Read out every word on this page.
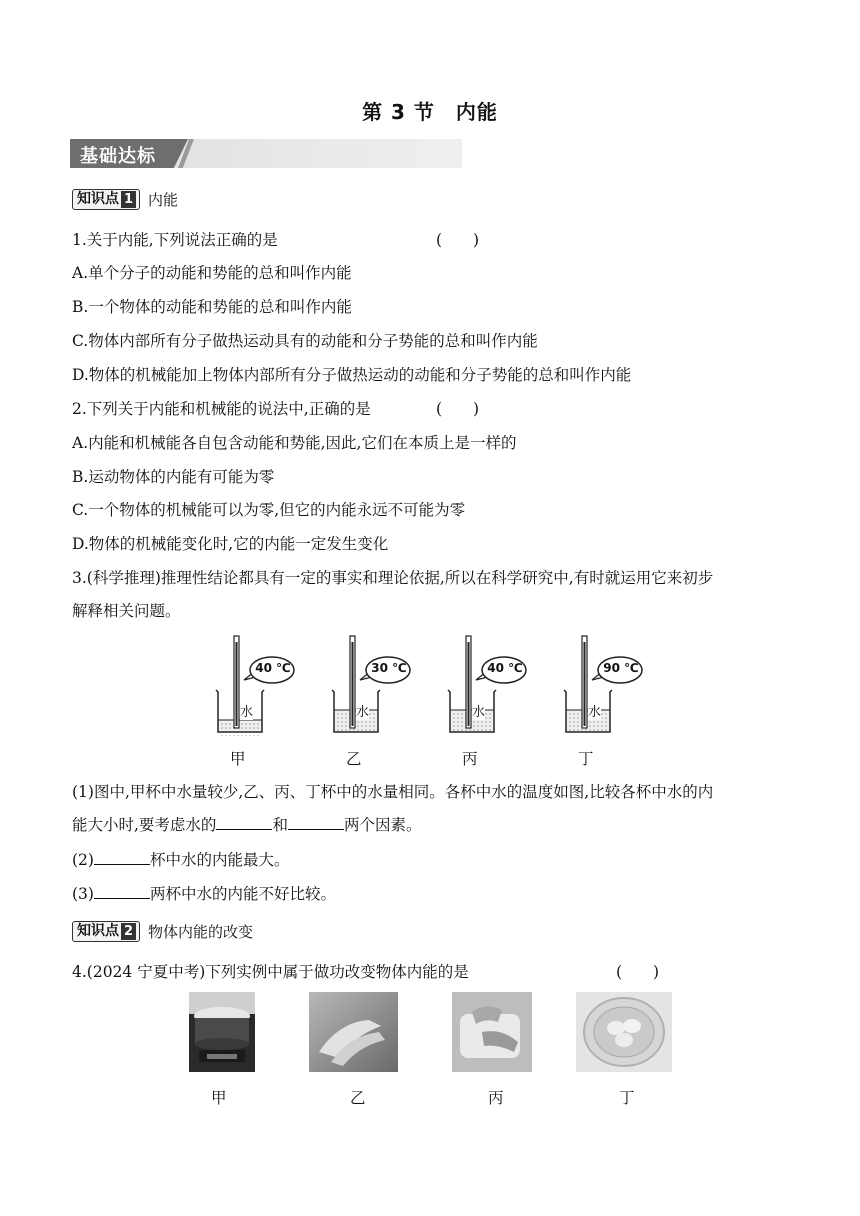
第 3 节　内能
基础达标
知识点 1 内能
1.关于内能,下列说法正确的是	(　　)
A.单个分子的动能和势能的总和叫作内能
B.一个物体的动能和势能的总和叫作内能
C.物体内部所有分子做热运动具有的动能和分子势能的总和叫作内能
D.物体的机械能加上物体内部所有分子做热运动的动能和分子势能的总和叫作内能
2.下列关于内能和机械能的说法中,正确的是	(　　)
A.内能和机械能各自包含动能和势能,因此,它们在本质上是一样的
B.运动物体的内能有可能为零
C.一个物体的机械能可以为零,但它的内能永远不可能为零
D.物体的机械能变化时,它的内能一定发生变化
3.(科学推理)推理性结论都具有一定的事实和理论依据,所以在科学研究中,有时就运用它来初步
解释相关问题。
40 ℃
水
甲
30 ℃
水
乙
40 ℃
水
丙
90 ℃
水
丁
(1)图中,甲杯中水量较少,乙、丙、丁杯中的水量相同。各杯中水的温度如图,比较各杯中水的内
能大小时,要考虑水的	和	两个因素。
(2)	杯中水的内能最大。
(3)	两杯中水的内能不好比较。
知识点 2 物体内能的改变
4.(2024 宁夏中考)下列实例中属于做功改变物体内能的是	(　　)
甲	乙	丙	丁
